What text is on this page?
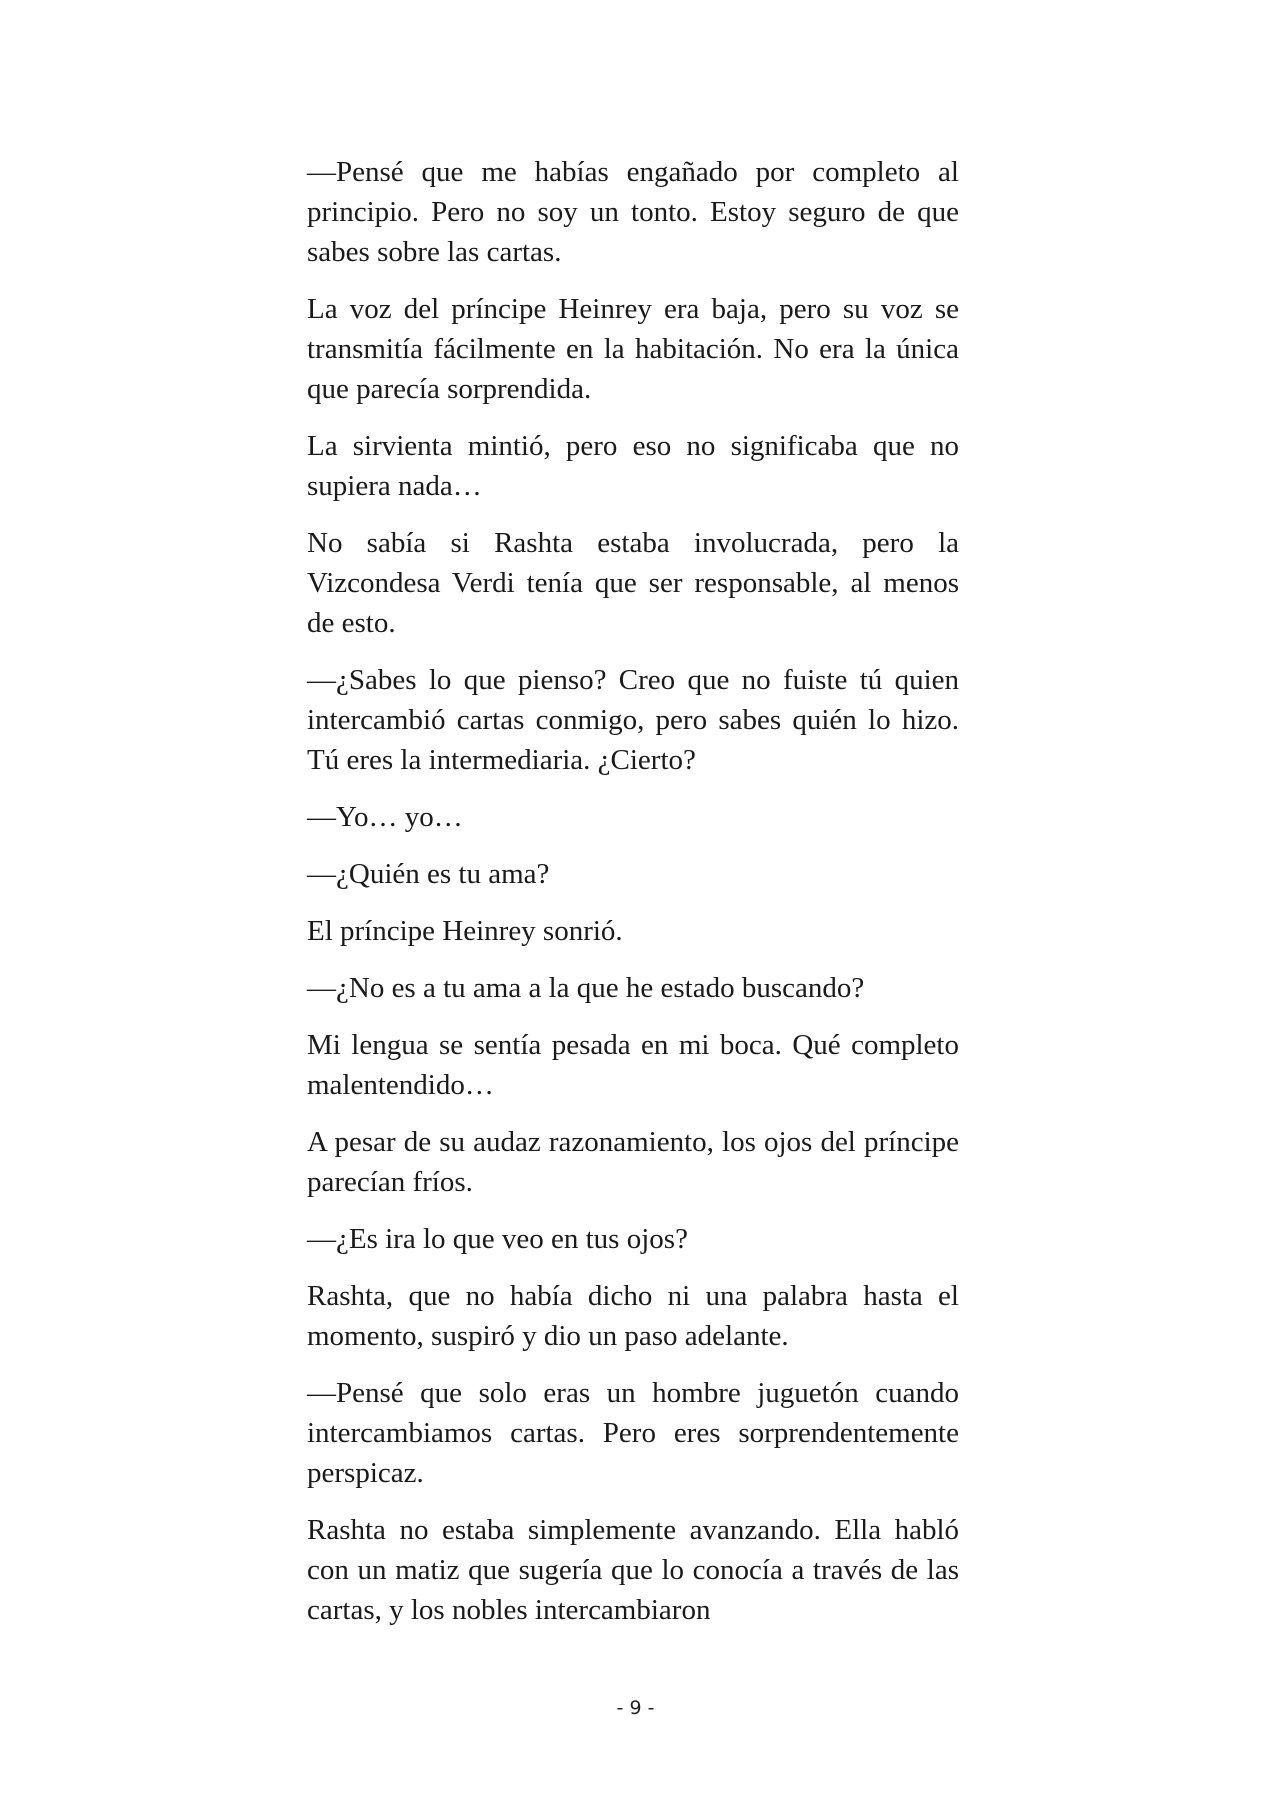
—Pensé que me habías engañado por completo al principio. Pero no soy un tonto. Estoy seguro de que sabes sobre las cartas.

La voz del príncipe Heinrey era baja, pero su voz se transmitía fácilmente en la habitación. No era la única que parecía sorprendida.

La sirvienta mintió, pero eso no significaba que no supiera nada…

No sabía si Rashta estaba involucrada, pero la Vizcondesa Verdi tenía que ser responsable, al menos de esto.

—¿Sabes lo que pienso? Creo que no fuiste tú quien intercambió cartas conmigo, pero sabes quién lo hizo. Tú eres la intermediaria. ¿Cierto?

—Yo… yo…

—¿Quién es tu ama?

El príncipe Heinrey sonrió.

—¿No es a tu ama a la que he estado buscando?

Mi lengua se sentía pesada en mi boca. Qué completo malentendido…

A pesar de su audaz razonamiento, los ojos del príncipe parecían fríos.

—¿Es ira lo que veo en tus ojos?

Rashta, que no había dicho ni una palabra hasta el momento, suspiró y dio un paso adelante.

—Pensé que solo eras un hombre juguetón cuando intercambiamos cartas. Pero eres sorprendentemente perspicaz.

Rashta no estaba simplemente avanzando. Ella habló con un matiz que sugería que lo conocía a través de las cartas, y los nobles intercambiaron

- 9 -
